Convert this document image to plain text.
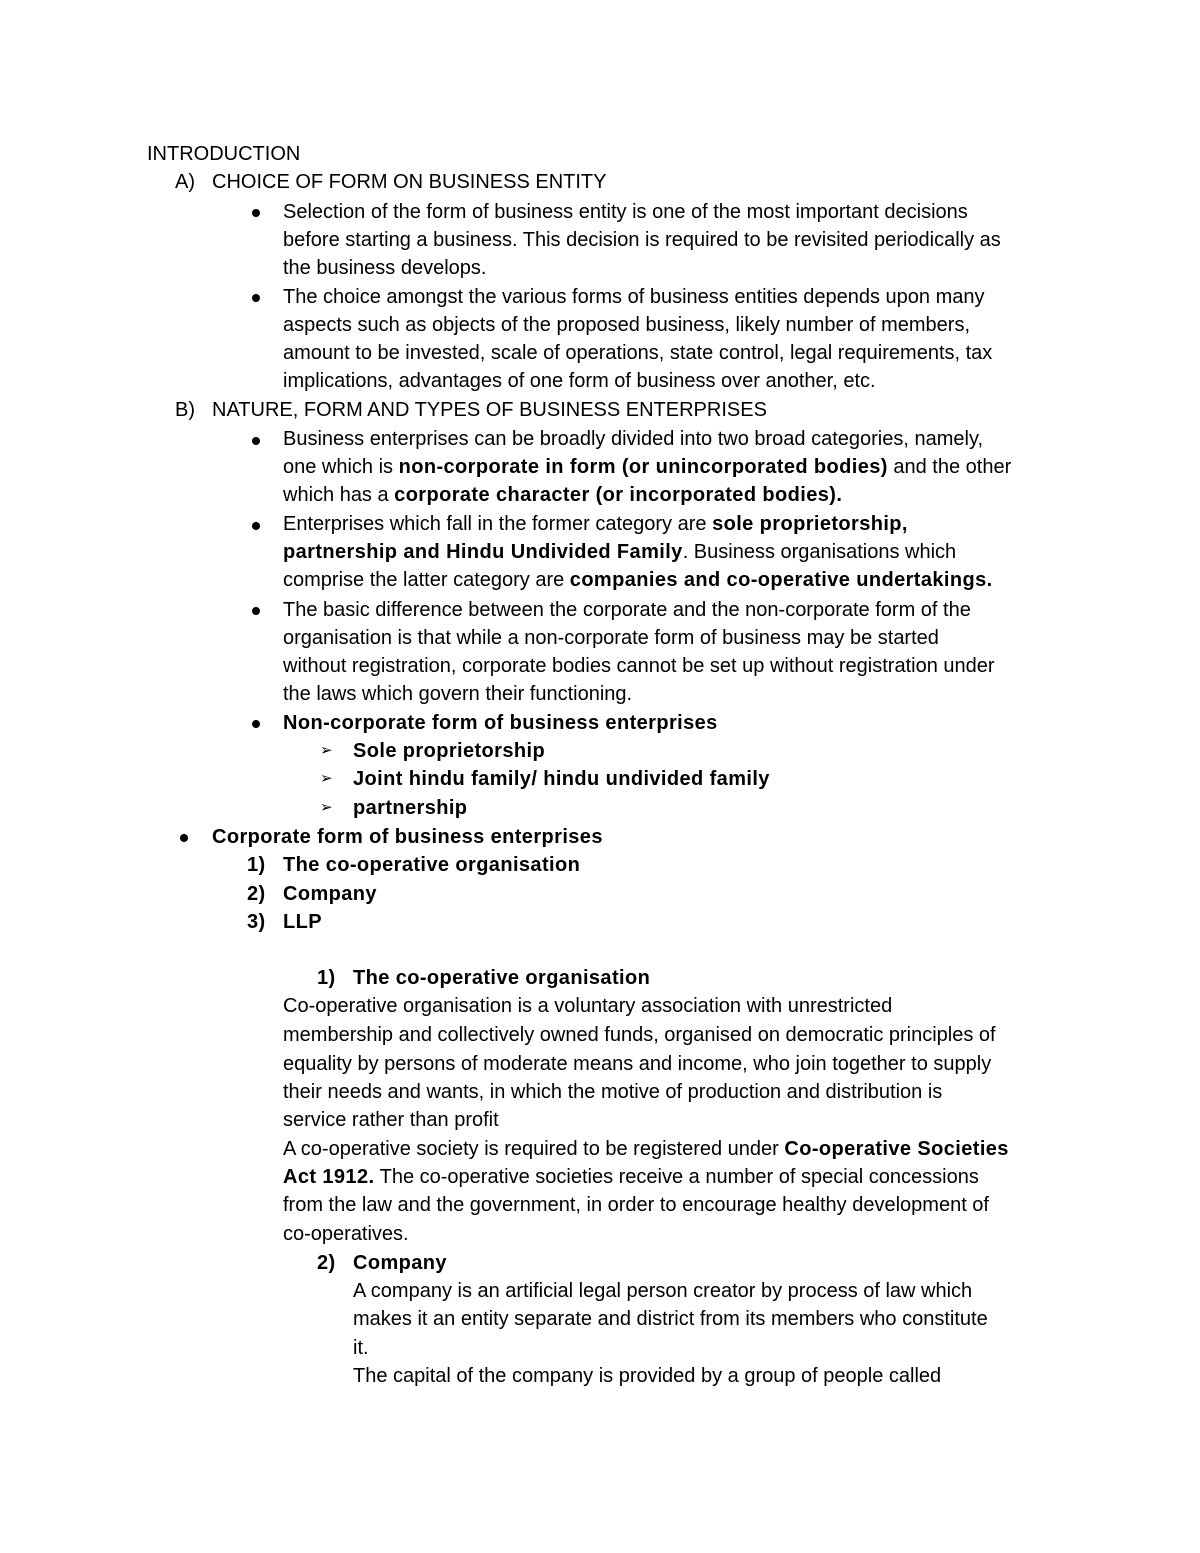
INTRODUCTION
A) CHOICE OF FORM ON BUSINESS ENTITY
Selection of the form of business entity is one of the most important decisions
before starting a business. This decision is required to be revisited periodically as
the business develops.
The choice amongst the various forms of business entities depends upon many
aspects such as objects of the proposed business, likely number of members,
amount to be invested, scale of operations, state control, legal requirements, tax
implications, advantages of one form of business over another, etc.
B) NATURE, FORM AND TYPES OF BUSINESS ENTERPRISES
Business enterprises can be broadly divided into two broad categories, namely,
one which is non-corporate in form (or unincorporated bodies) and the other
which has a corporate character (or incorporated bodies).
Enterprises which fall in the former category are sole proprietorship,
partnership and Hindu Undivided Family. Business organisations which
comprise the latter category are companies and co-operative undertakings.
The basic difference between the corporate and the non-corporate form of the
organisation is that while a non-corporate form of business may be started
without registration, corporate bodies cannot be set up without registration under
the laws which govern their functioning.
Non-corporate form of business enterprises
➢ Sole proprietorship
➢ Joint hindu family/ hindu undivided family
➢ partnership
Corporate form of business enterprises
1) The co-operative organisation
2) Company
3) LLP
1) The co-operative organisation
Co-operative organisation is a voluntary association with unrestricted
membership and collectively owned funds, organised on democratic principles of
equality by persons of moderate means and income, who join together to supply
their needs and wants, in which the motive of production and distribution is
service rather than profit
A co-operative society is required to be registered under Co-operative Societies
Act 1912. The co-operative societies receive a number of special concessions
from the law and the government, in order to encourage healthy development of
co-operatives.
2) Company
A company is an artificial legal person creator by process of law which
makes it an entity separate and district from its members who constitute
it.
The capital of the company is provided by a group of people called
